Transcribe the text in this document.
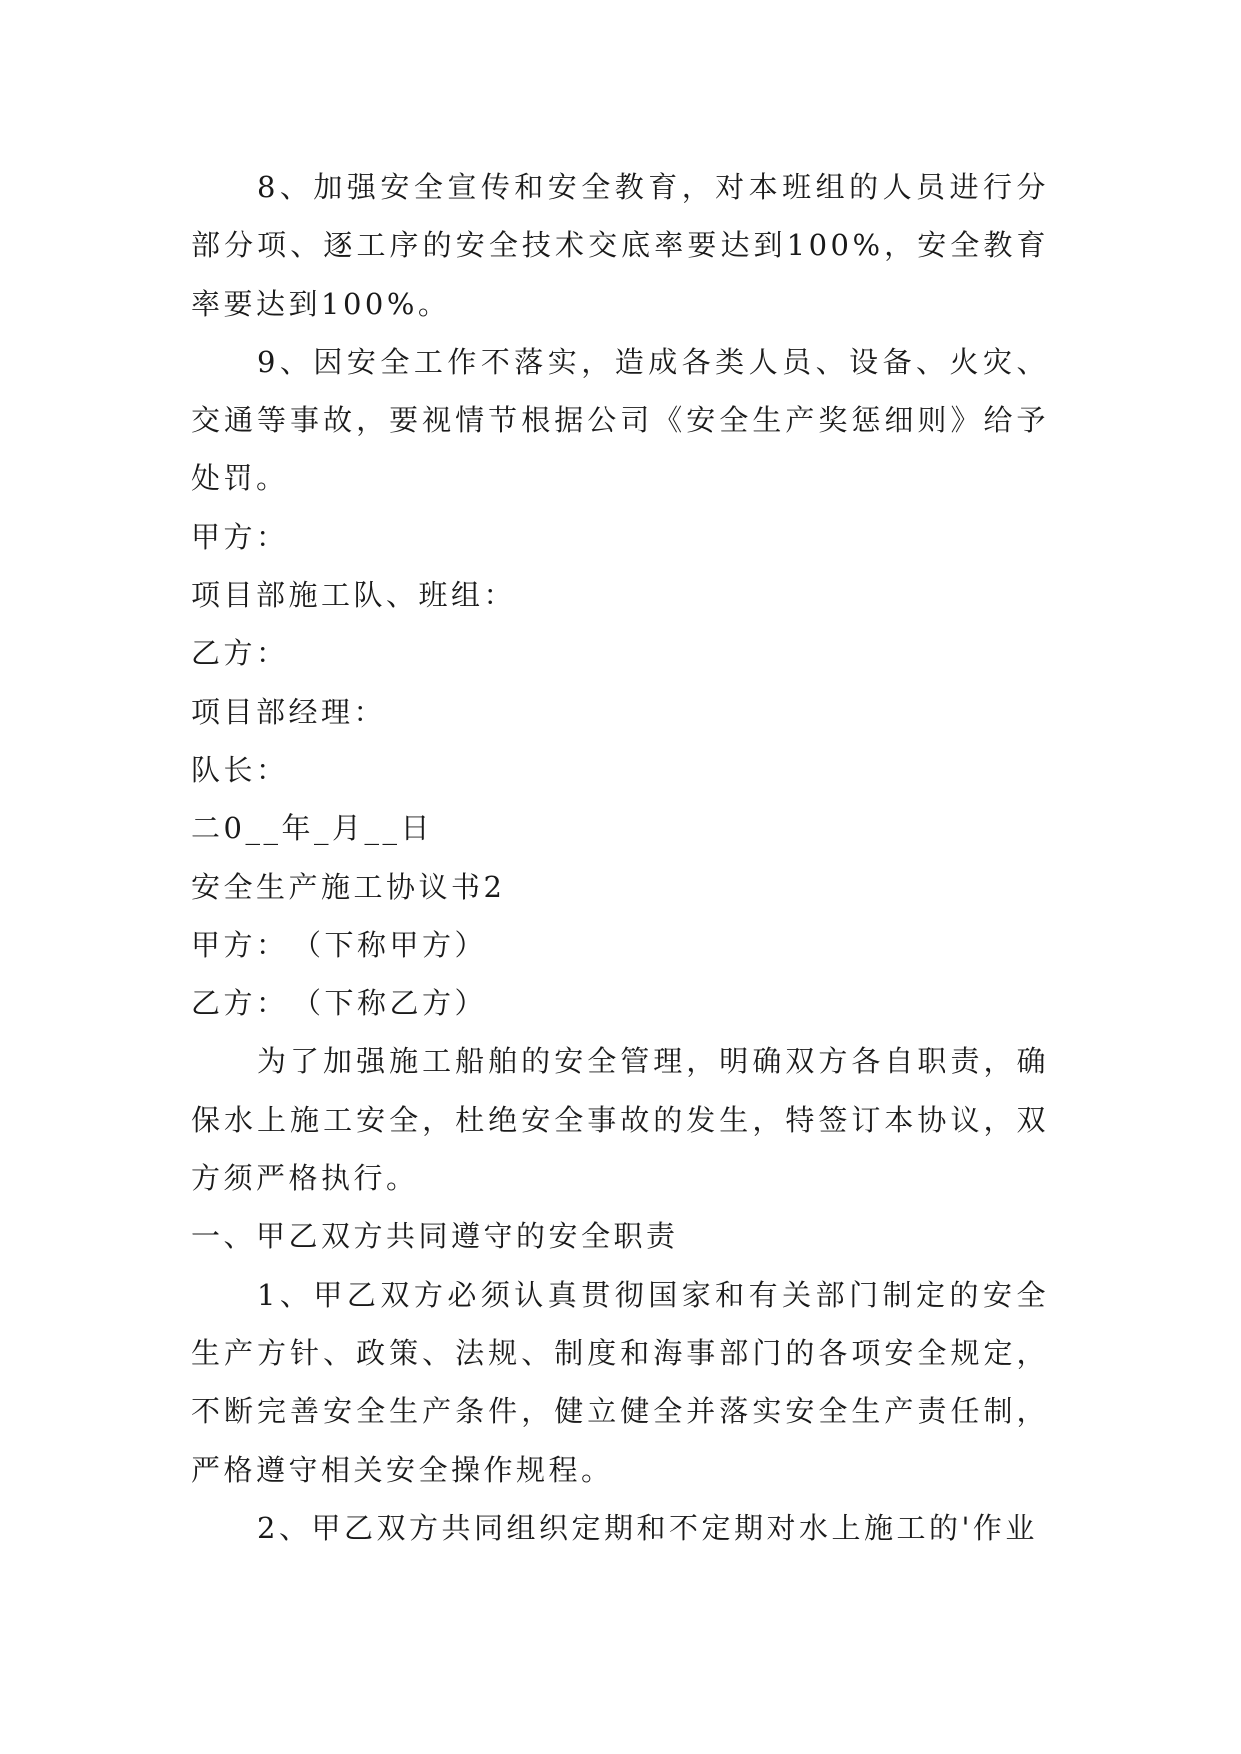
8、加强安全宣传和安全教育，对本班组的人员进行分部分项、逐工序的安全技术交底率要达到100%，安全教育率要达到100%。

9、因安全工作不落实，造成各类人员、设备、火灾、交通等事故，要视情节根据公司《安全生产奖惩细则》给予处罚。

甲方：

项目部施工队、班组：

乙方：

项目部经理：

队长：

二0__年_月__日

安全生产施工协议书2

甲方：　（下称甲方）

乙方：　（下称乙方）

为了加强施工船舶的安全管理，明确双方各自职责，确保水上施工安全，杜绝安全事故的发生，特签订本协议，双方须严格执行。

一、甲乙双方共同遵守的安全职责

1、甲乙双方必须认真贯彻国家和有关部门制定的安全生产方针、政策、法规、制度和海事部门的各项安全规定，不断完善安全生产条件，健立健全并落实安全生产责任制，严格遵守相关安全操作规程。

2、甲乙双方共同组织定期和不定期对水上施工的'作业
